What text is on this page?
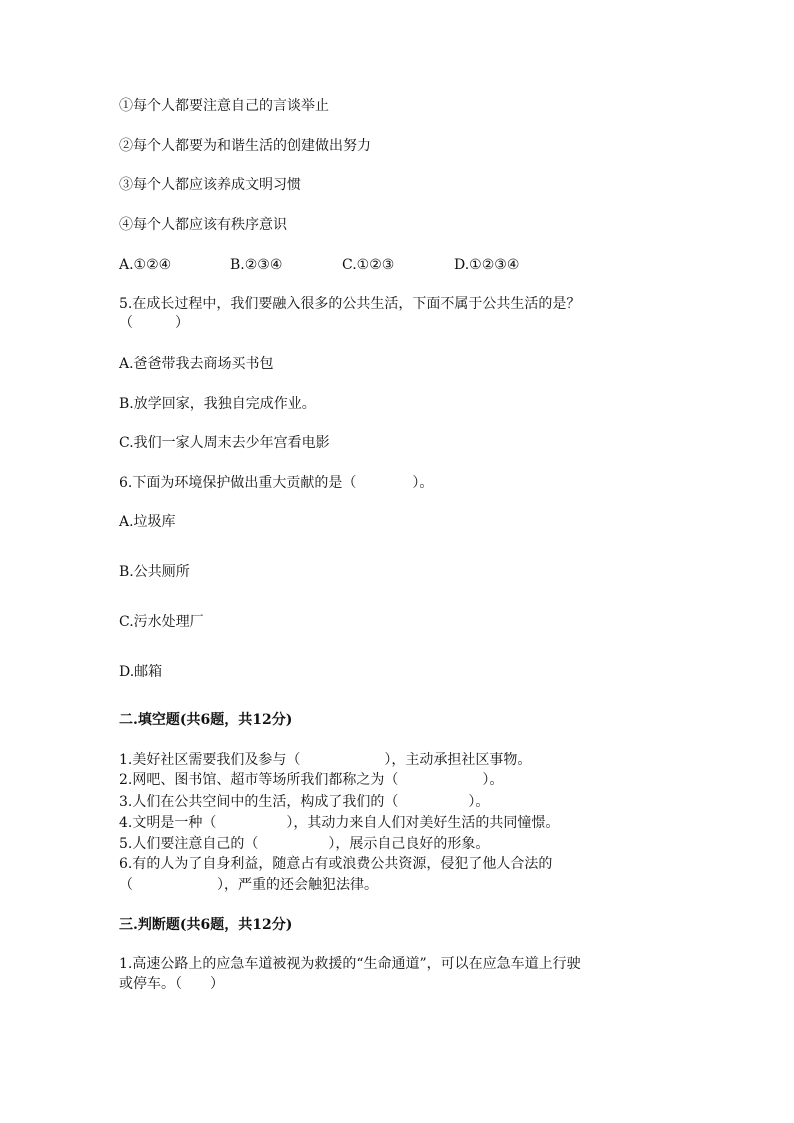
①每个人都要注意自己的言谈举止
②每个人都要为和谐生活的创建做出努力
③每个人都应该养成文明习惯
④每个人都应该有秩序意识
A.①②④	B.②③④	C.①②③	D.①②③④
5.在成长过程中，我们要融入很多的公共生活，下面不属于公共生活的是？
（　　　）
A.爸爸带我去商场买书包
B.放学回家，我独自完成作业。
C.我们一家人周末去少年宫看电影
6.下面为环境保护做出重大贡献的是（　　　　）。
A.垃圾库
B.公共厕所
C.污水处理厂
D.邮箱
二.填空题(共6题，共12分)
1.美好社区需要我们及参与（　　　　　　），主动承担社区事物。
2.网吧、图书馆、超市等场所我们都称之为（　　　　　　）。
3.人们在公共空间中的生活，构成了我们的（　　　　　）。
4.文明是一种（　　　　　），其动力来自人们对美好生活的共同憧憬。
5.人们要注意自己的（　　　　　），展示自己良好的形象。
6.有的人为了自身利益，随意占有或浪费公共资源，侵犯了他人合法的
（　　　　　　），严重的还会触犯法律。
三.判断题(共6题，共12分)
1.高速公路上的应急车道被视为救援的“生命通道”，可以在应急车道上行驶
或停车。（　　）
